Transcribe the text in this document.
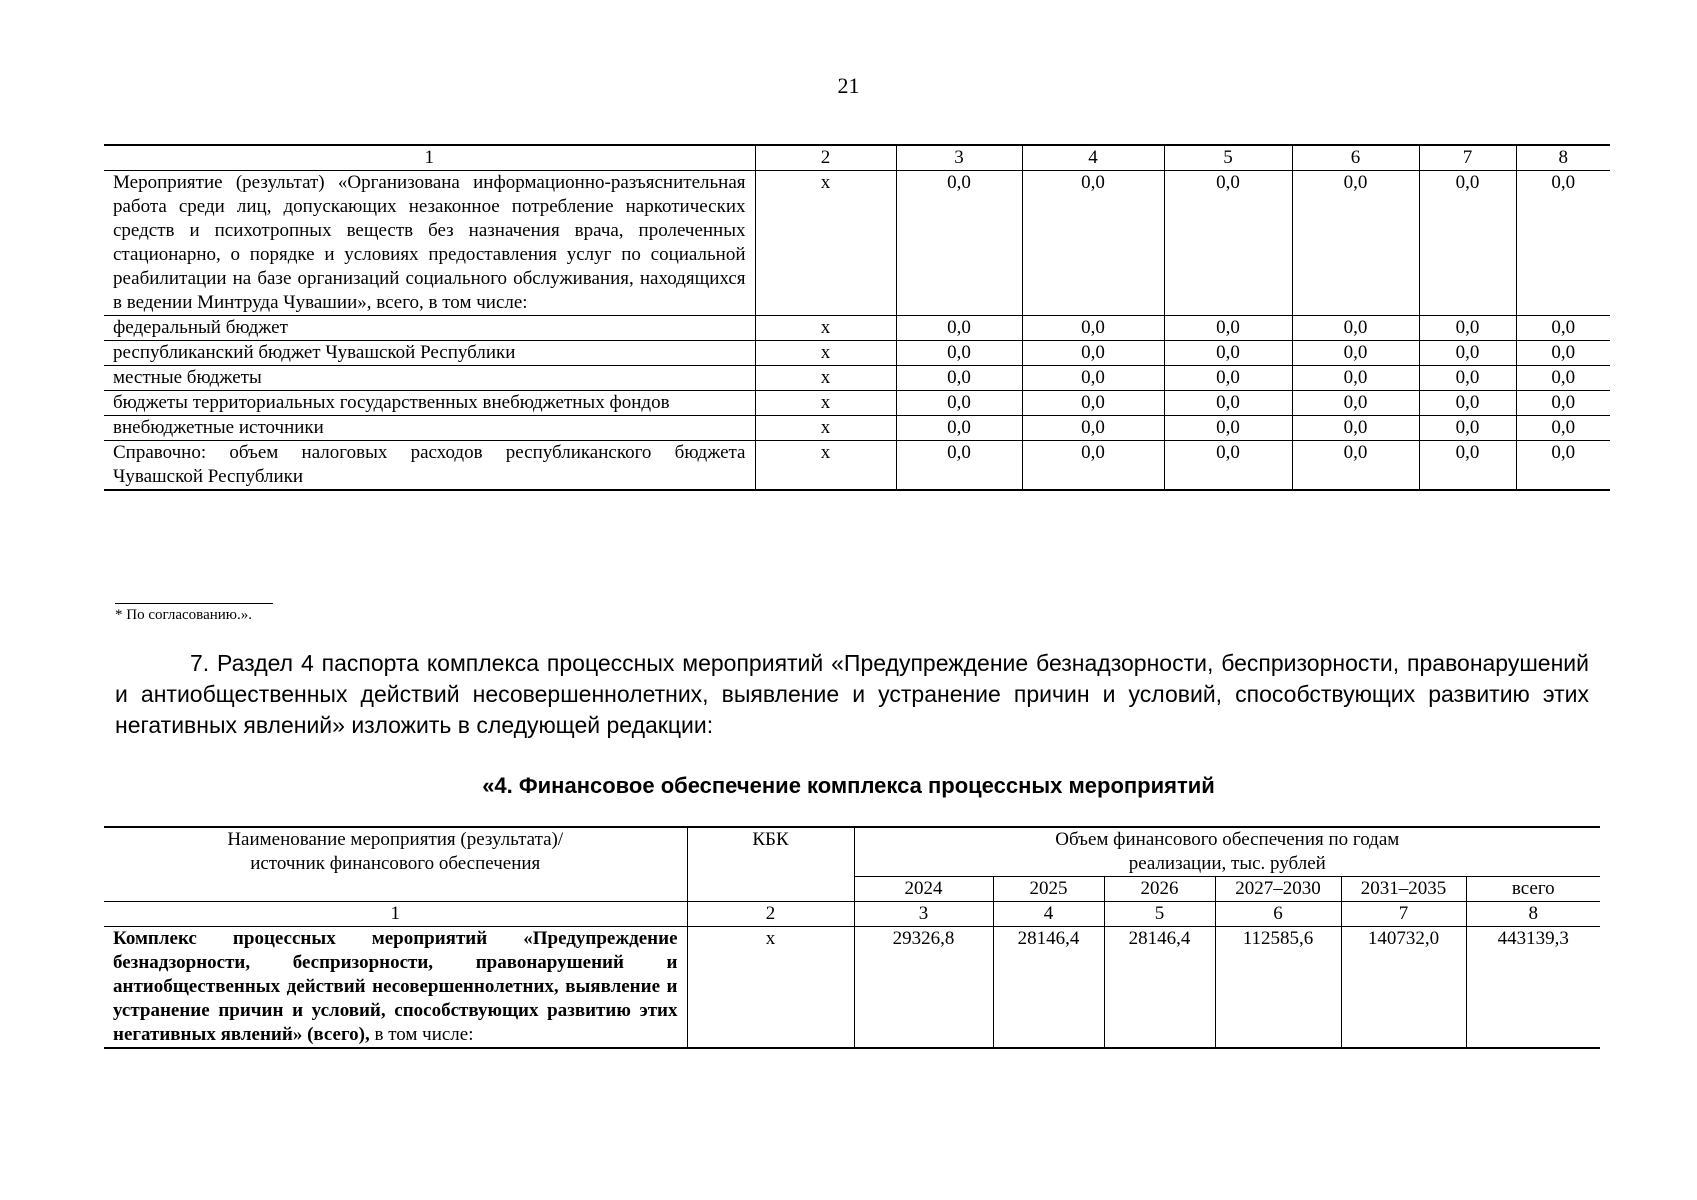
21
1	2	3	4	5	6	7	8
Мероприятие (результат) «Организована информационно-разъяснительная работа среди лиц, допускающих незаконное потребление наркотических средств и психотропных веществ без назначения врача, пролеченных стационарно, о порядке и условиях предоставления услуг по социальной реабилитации на базе организаций социального обслуживания, находящихся в ведении Минтруда Чувашии», всего, в том числе:	х	0,0	0,0	0,0	0,0	0,0	0,0
федеральный бюджет	х	0,0	0,0	0,0	0,0	0,0	0,0
республиканский бюджет Чувашской Республики	х	0,0	0,0	0,0	0,0	0,0	0,0
местные бюджеты	х	0,0	0,0	0,0	0,0	0,0	0,0
бюджеты территориальных государственных внебюджетных фондов	х	0,0	0,0	0,0	0,0	0,0	0,0
внебюджетные источники	х	0,0	0,0	0,0	0,0	0,0	0,0
Справочно: объем налоговых расходов республиканского бюджета Чувашской Республики	х	0,0	0,0	0,0	0,0	0,0	0,0
* По согласованию.».
7. Раздел 4 паспорта комплекса процессных мероприятий «Предупреждение безнадзорности, беспризорности, правонарушений и антиобщественных действий несовершеннолетних, выявление и устранение причин и условий, способствующих развитию этих негативных явлений» изложить в следующей редакции:
«4. Финансовое обеспечение комплекса процессных мероприятий
Наименование мероприятия (результата)/ источник финансового обеспечения	КБК	Объем финансового обеспечения по годам реализации, тыс. рублей					
		2024	2025	2026	2027–2030	2031–2035	всего
1	2	3	4	5	6	7	8
Комплекс процессных мероприятий «Предупреждение безнадзорности, беспризорности, правонарушений и антиобщественных действий несовершеннолетних, выявление и устранение причин и условий, способствующих развитию этих негативных явлений» (всего), в том числе:	х	29326,8	28146,4	28146,4	112585,6	140732,0	443139,3
